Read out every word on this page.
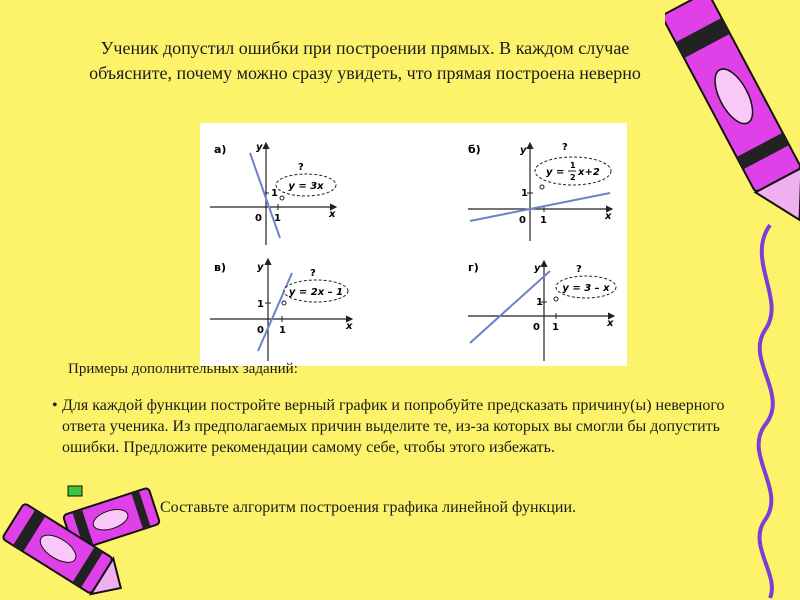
Ученик допустил ошибки при построении прямых. В каждом случае объясните, почему можно сразу увидеть, что прямая построена неверно
а)	y
x
1
0 1
?
y = 3x
б)	y
x
1
0 1
?
y =
1
2 x+2
в)	y
x
1
0 1
?
y = 2x – 1
г)	y
x
1
0 1
?
y = 3 – x
Примеры дополнительных заданий:
• Для каждой функции постройте верный график и попробуйте предсказать причину(ы) неверного ответа ученика. Из предполагаемых причин выделите те, из-за которых вы смогли бы допустить ошибки. Предложите рекомендации самому себе, чтобы этого избежать.
Составьте алгоритм построения графика линейной функции.
